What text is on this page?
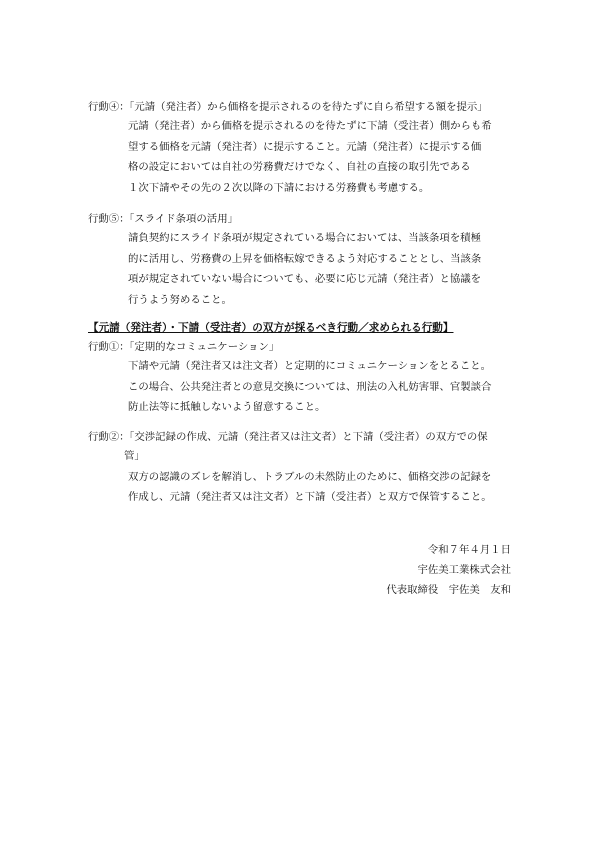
行動④：
「元請（発注者）から価格を提示されるのを待たずに自ら希望する額を提示」
元請（発注者）から価格を提示されるのを待たずに下請（受注者）側からも希
望する価格を元請（発注者）に提示すること。元請（発注者）に提示する価
格の設定においては自社の労務費だけでなく、自社の直接の取引先である
１次下請やその先の２次以降の下請における労務費も考慮する。
行動⑤：
「スライド条項の活用」
請負契約にスライド条項が規定されている場合においては、当該条項を積極
的に活用し、労務費の上昇を価格転嫁できるよう対応することとし、当該条
項が規定されていない場合についても、必要に応じ元請（発注者）と協議を
行うよう努めること。
【元請（発注者）・下請（受注者）の双方が採るべき行動／求められる行動】
行動①：
「定期的なコミュニケーション」
下請や元請（発注者又は注文者）と定期的にコミュニケーションをとること。
この場合、公共発注者との意見交換については、刑法の入札妨害罪、官製談合
防止法等に抵触しないよう留意すること。
行動②：
「交渉記録の作成、元請（発注者又は注文者）と下請（受注者）の双方での保
管」
双方の認識のズレを解消し、トラブルの未然防止のために、価格交渉の記録を
作成し、元請（発注者又は注文者）と下請（受注者）と双方で保管すること。
令和７年４月１日
宇佐美工業株式会社
代表取締役　宇佐美　友和
